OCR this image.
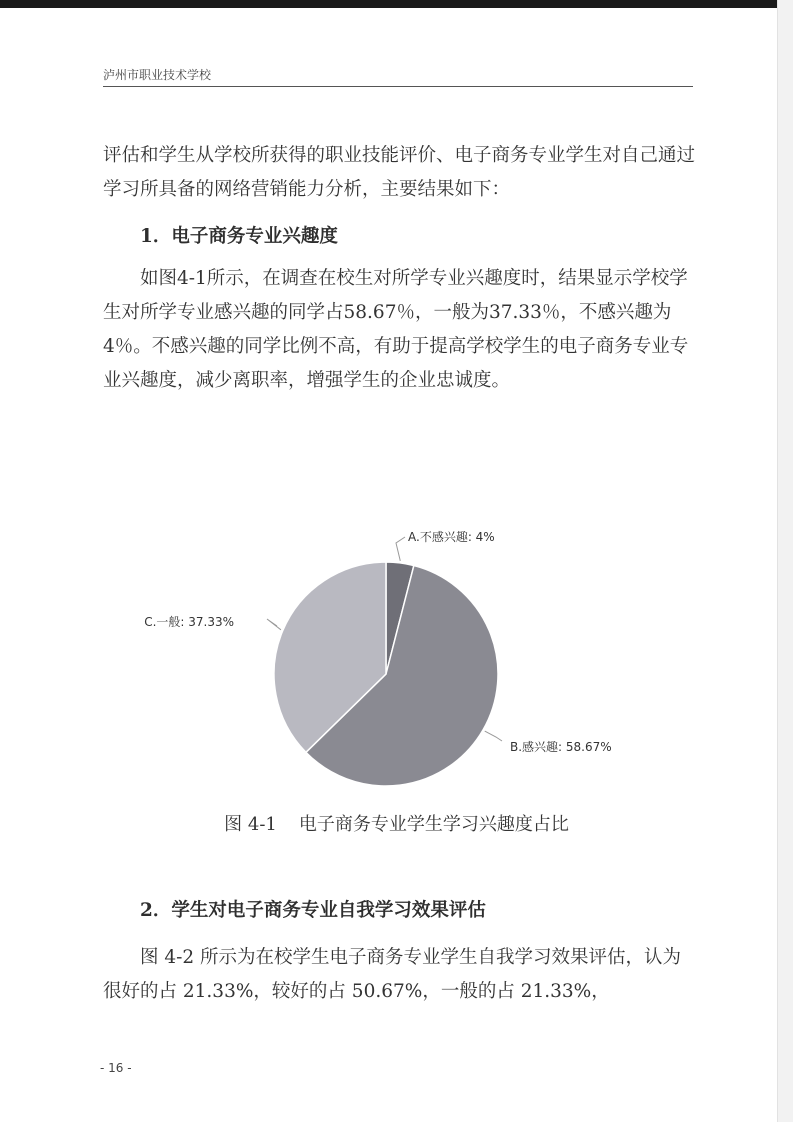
泸州市职业技术学校

评估和学生从学校所获得的职业技能评价、电子商务专业学生对自己通过学习所具备的网络营销能力分析，主要结果如下：

1．电子商务专业兴趣度

如图4-1所示，在调查在校生对所学专业兴趣度时，结果显示学校学生对所学专业感兴趣的同学占58.67％，一般为37.33％，不感兴趣为4％。不感兴趣的同学比例不高，有助于提高学校学生的电子商务专业专业兴趣度，减少离职率，增强学生的企业忠诚度。

A.不感兴趣: 4%
B.感兴趣: 58.67%
C.一般: 37.33%
图 4-1 电子商务专业学生学习兴趣度占比
2．学生对电子商务专业自我学习效果评估

图 4-2 所示为在校学生电子商务专业学生自我学习效果评估，认为很好的占 21.33%，较好的占 50.67%，一般的占 21.33%，

- 16 -
